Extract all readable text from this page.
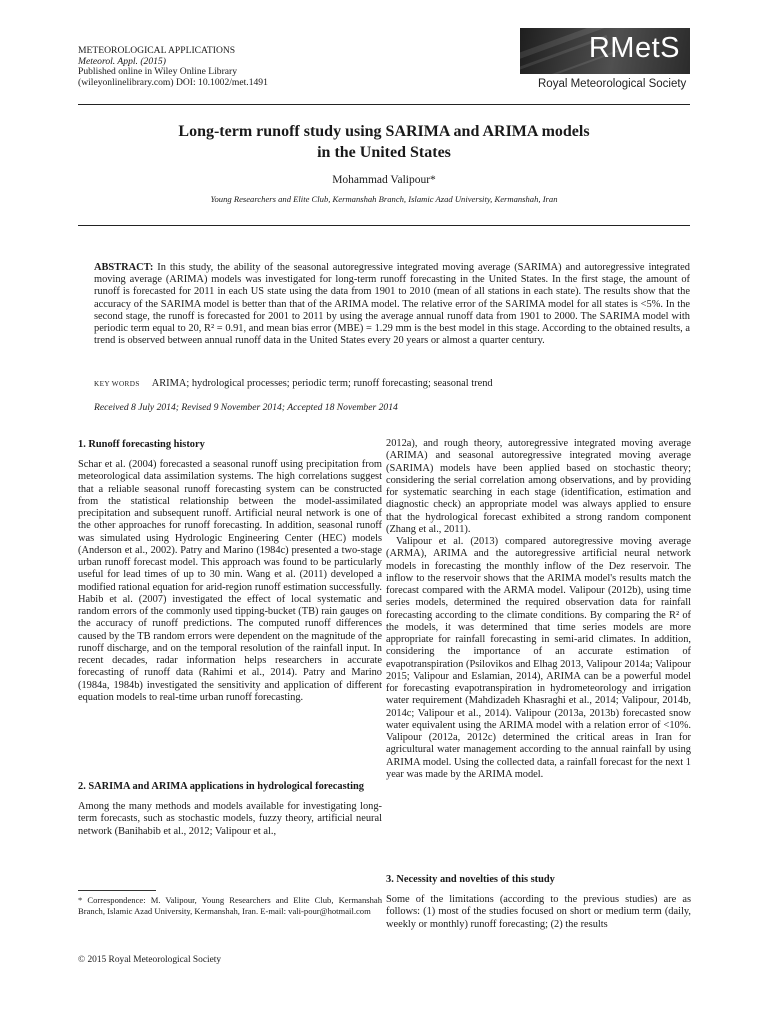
METEOROLOGICAL APPLICATIONS
Meteorol. Appl. (2015)
Published online in Wiley Online Library
(wileyonlinelibrary.com) DOI: 10.1002/met.1491
RMetS
Royal Meteorological Society
Long-term runoff study using SARIMA and ARIMA models
in the United States
Mohammad Valipour*
Young Researchers and Elite Club, Kermanshah Branch, Islamic Azad University, Kermanshah, Iran
ABSTRACT: In this study, the ability of the seasonal autoregressive integrated moving average (SARIMA) and autoregressive integrated moving average (ARIMA) models was investigated for long-term runoff forecasting in the United States. In the first stage, the amount of runoff is forecasted for 2011 in each US state using the data from 1901 to 2010 (mean of all stations in each state). The results show that the accuracy of the SARIMA model is better than that of the ARIMA model. The relative error of the SARIMA model for all states is <5%. In the second stage, the runoff is forecasted for 2001 to 2011 by using the average annual runoff data from 1901 to 2000. The SARIMA model with periodic term equal to 20, R² = 0.91, and mean bias error (MBE) = 1.29 mm is the best model in this stage. According to the obtained results, a trend is observed between annual runoff data in the United States every 20 years or almost a quarter century.
KEY WORDS ARIMA; hydrological processes; periodic term; runoff forecasting; seasonal trend
Received 8 July 2014; Revised 9 November 2014; Accepted 18 November 2014
1. Runoff forecasting history

Schar et al. (2004) forecasted a seasonal runoff using precipitation from meteorological data assimilation systems. The high correlations suggest that a reliable seasonal runoff forecasting system can be constructed from the statistical relationship between the model-assimilated precipitation and subsequent runoff. Artificial neural network is one of the other approaches for runoff forecasting. In addition, seasonal runoff was simulated using Hydrologic Engineering Center (HEC) models (Anderson et al., 2002). Patry and Marino (1984c) presented a two-stage urban runoff forecast model. This approach was found to be particularly useful for lead times of up to 30 min. Wang et al. (2011) developed a modified rational equation for arid-region runoff estimation successfully. Habib et al. (2007) investigated the effect of local systematic and random errors of the commonly used tipping-bucket (TB) rain gauges on the accuracy of runoff predictions. The computed runoff differences caused by the TB random errors were dependent on the magnitude of the runoff discharge, and on the temporal resolution of the rainfall input. In recent decades, radar information helps researchers in accurate forecasting of runoff data (Rahimi et al., 2014). Patry and Marino (1984a, 1984b) investigated the sensitivity and application of different equation models to real-time urban runoff forecasting.

2. SARIMA and ARIMA applications in hydrological forecasting

Among the many methods and models available for investigating long-term forecasts, such as stochastic models, fuzzy theory, artificial neural network (Banihabib et al., 2012; Valipour et al.,

* Correspondence: M. Valipour, Young Researchers and Elite Club, Kermanshah Branch, Islamic Azad University, Kermanshah, Iran. E-mail: vali-pour@hotmail.com
© 2015 Royal Meteorological Society

2012a), and rough theory, autoregressive integrated moving average (ARIMA) and seasonal autoregressive integrated moving average (SARIMA) models have been applied based on stochastic theory; considering the serial correlation among observations, and by providing for systematic searching in each stage (identification, estimation and diagnostic check) an appropriate model was always applied to ensure that the hydrological forecast exhibited a strong random component (Zhang et al., 2011).

Valipour et al. (2013) compared autoregressive moving average (ARMA), ARIMA and the autoregressive artificial neural network models in forecasting the monthly inflow of the Dez reservoir. The inflow to the reservoir shows that the ARIMA model's results match the forecast compared with the ARMA model. Valipour (2012b), using time series models, determined the required observation data for rainfall forecasting according to the climate conditions. By comparing the R² of the models, it was determined that time series models are more appropriate for rainfall forecasting in semi-arid climates. In addition, considering the importance of an accurate estimation of evapotranspiration (Psilovikos and Elhag 2013, Valipour 2014a; Valipour 2015; Valipour and Eslamian, 2014), ARIMA can be a powerful model for forecasting evapotranspiration in hydrometeorology and irrigation water requirement (Mahdizadeh Khasraghi et al., 2014; Valipour, 2014b, 2014c; Valipour et al., 2014). Valipour (2013a, 2013b) forecasted snow water equivalent using the ARIMA model with a relation error of <10%. Valipour (2012a, 2012c) determined the critical areas in Iran for agricultural water management according to the annual rainfall by using ARIMA model. Using the collected data, a rainfall forecast for the next 1 year was made by the ARIMA model.

3. Necessity and novelties of this study

Some of the limitations (according to the previous studies) are as follows: (1) most of the studies focused on short or medium term (daily, weekly or monthly) runoff forecasting; (2) the results
